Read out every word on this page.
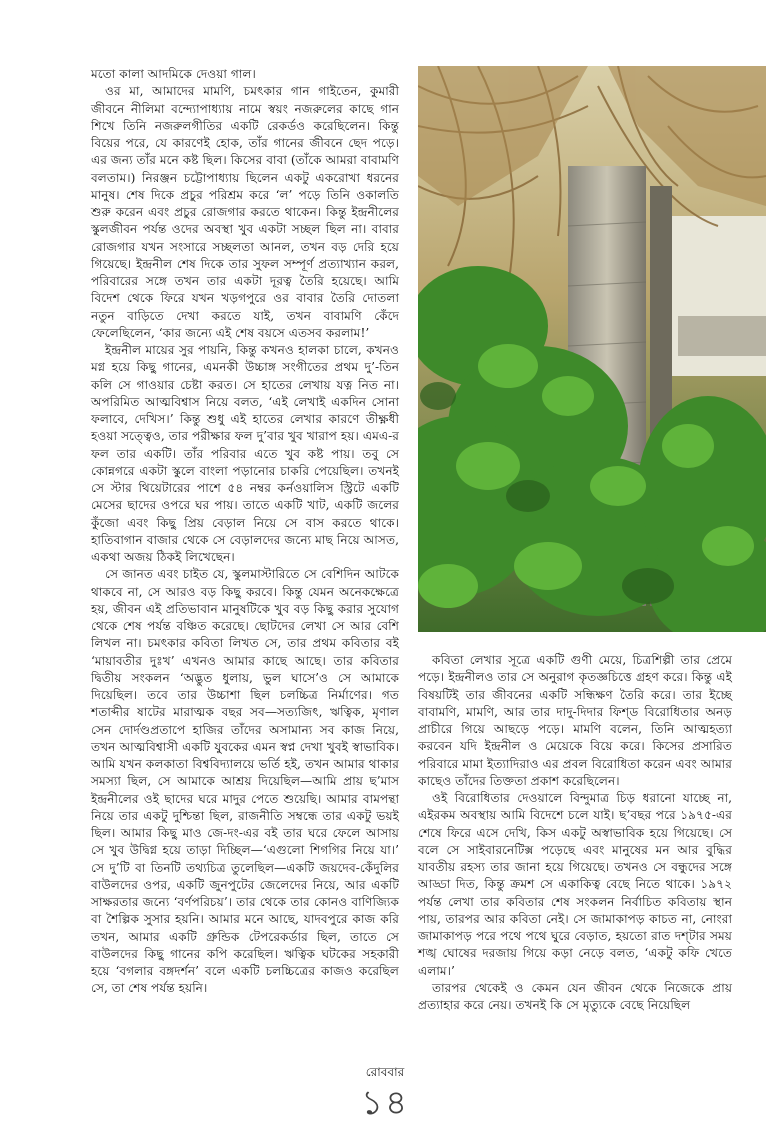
মতো কালা আদমিকে দেওয়া গাল।

ওর মা, আমাদের মামণি, চমৎকার গান গাইতেন, কুমারী জীবনে নীলিমা বন্দ্যোপাধ্যায় নামে স্বয়ং নজরুলের কাছে গান শিখে তিনি নজরুলগীতির একটি রেকর্ডও করেছিলেন। কিন্তু বিয়ের পরে, যে কারণেই হোক, তাঁর গানের জীবনে ছেদ পড়ে। এর জন্য তাঁর মনে কষ্ট ছিল। কিসের বাবা (তাঁকে আমরা বাবামণি বলতাম।) নিরঞ্জন চট্টোপাধ্যায় ছিলেন একটু একরোখা ধরনের মানুষ। শেষ দিকে প্রচুর পরিশ্রম করে ‘ল’ পড়ে তিনি ওকালতি শুরু করেন এবং প্রচুর রোজগার করতে থাকেন। কিন্তু ইন্দ্রনীলের স্কুলজীবন পর্যন্ত ওদের অবস্থা খুব একটা সচ্ছল ছিল না। বাবার রোজগার যখন সংসারে সচ্ছলতা আনল, তখন বড় দেরি হয়ে গিয়েছে। ইন্দ্রনীল শেষ দিকে তার সুফল সম্পূর্ণ প্রত্যাখ্যান করল, পরিবারের সঙ্গে তখন তার একটা দূরত্ব তৈরি হয়েছে। আমি বিদেশ থেকে ফিরে যখন খড়গপুরে ওর বাবার তৈরি দোতলা নতুন বাড়িতে দেখা করতে যাই, তখন বাবামণি কেঁদে ফেলেছিলেন, ‘কার জন্যে এই শেষ বয়সে এতসব করলাম!’

ইন্দ্রনীল মায়ের সুর পায়নি, কিন্তু কখনও হালকা চালে, কখনও মগ্ন হয়ে কিছু গানের, এমনকী উচ্চাঙ্গ সংগীতের প্রথম দু’-তিন কলি সে গাওয়ার চেষ্টা করত। সে হাতের লেখায় যত্ন নিত না। অপরিমিত আত্মবিশ্বাস নিয়ে বলত, ‘এই লেখাই একদিন সোনা ফলাবে, দেখিস।’ কিন্তু শুধু এই হাতের লেখার কারণে তীক্ষ্ণধী হওয়া সত্ত্বেও, তার পরীক্ষার ফল দু’বার খুব খারাপ হয়। এমএ-র ফল তার একটি। তাঁর পরিবার এতে খুব কষ্ট পায়। তবু সে কোন্নগরে একটা স্কুলে বাংলা পড়ানোর চাকরি পেয়েছিল। তখনই সে স্টার থিয়েটারের পাশে ৫৪ নম্বর কর্নওয়ালিস স্ট্রিটে একটি মেসের ছাদের ওপরে ঘর পায়। তাতে একটি খাট, একটি জলের কুঁজো এবং কিছু প্রিয় বেড়াল নিয়ে সে বাস করতে থাকে। হাতিবাগান বাজার থেকে সে বেড়ালদের জন্যে মাছ নিয়ে আসত, একথা অজয় ঠিকই লিখেছেন।

সে জানত এবং চাইত যে, স্কুলমাস্টারিতে সে বেশিদিন আটকে থাকবে না, সে আরও বড় কিছু করবে। কিন্তু যেমন অনেকক্ষেত্রে হয়, জীবন এই প্রতিভাবান মানুষটিকে খুব বড় কিছু করার সুযোগ থেকে শেষ পর্যন্ত বঞ্চিত করেছে। ছোটদের লেখা সে আর বেশি লিখল না। চমৎকার কবিতা লিখত সে, তার প্রথম কবিতার বই ‘মায়াবতীর দুঃখ’ এখনও আমার কাছে আছে। তার কবিতার দ্বিতীয় সংকলন ‘অদ্ভুত ধুলায়, ভুল ঘাসে’ও সে আমাকে দিয়েছিল। তবে তার উচ্চাশা ছিল চলচ্চিত্র নির্মাণের। গত শতাব্দীর ষাটের মারাত্মক বছর সব—সত্যজিৎ, ঋত্বিক, মৃণাল সেন দোর্দণ্ডপ্রতাপে হাজির তাঁদের অসামান্য সব কাজ নিয়ে, তখন আত্মবিশ্বাসী একটি যুবকের এমন স্বপ্ন দেখা খুবই স্বাভাবিক। আমি যখন কলকাতা বিশ্ববিদ্যালয়ে ভর্তি হই, তখন আমার থাকার সমস্যা ছিল, সে আমাকে আশ্রয় দিয়েছিল—আমি প্রায় ছ’মাস ইন্দ্রনীলের ওই ছাদের ঘরে মাদুর পেতে শুয়েছি। আমার বামপন্থা নিয়ে তার একটু দুশ্চিন্তা ছিল, রাজনীতি সম্বন্ধে তার একটু ভয়ই ছিল। আমার কিছু মাও জে-দং-এর বই তার ঘরে ফেলে আসায় সে খুব উদ্বিগ্ন হয়ে তাড়া দিচ্ছিল—‘এগুলো শিগগির নিয়ে যা।’ সে দু’টি বা তিনটি তথ্যচিত্র তুলেছিল—একটি জয়দেব-কেঁদুলির বাউলদের ওপর, একটি জুনপুটের জেলেদের নিয়ে, আর একটি সাক্ষরতার জন্যে ‘বর্ণপরিচয়’। তার থেকে তার কোনও বাণিজ্যিক বা শৈল্পিক সুসার হয়নি। আমার মনে আছে, যাদবপুরে কাজ করি তখন, আমার একটি গ্রুন্ডিক টেপরেকর্ডার ছিল, তাতে সে বাউলদের কিছু গানের কপি করেছিল। ঋত্বিক ঘটকের সহকারী হয়ে ‘বগলার বঙ্গদর্শন’ বলে একটি চলচ্চিত্রের কাজও করেছিল সে, তা শেষ পর্যন্ত হয়নি।

কবিতা লেখার সূত্রে একটি গুণী মেয়ে, চিত্রশিল্পী তার প্রেমে পড়ে। ইন্দ্রনীলও তার সে অনুরাগ কৃতজ্ঞচিত্তে গ্রহণ করে। কিন্তু এই বিষয়টিই তার জীবনের একটি সন্ধিক্ষণ তৈরি করে। তার ইচ্ছে বাবামণি, মামণি, আর তার দাদু-দিদার ফিশ্ড বিরোধিতার অনড় প্রাচীরে গিয়ে আছড়ে পড়ে। মামণি বলেন, তিনি আত্মহত্যা করবেন যদি ইন্দ্রনীল ও মেয়েকে বিয়ে করে। কিসের প্রসারিত পরিবারে মামা ইত্যাদিরাও এর প্রবল বিরোধিতা করেন এবং আমার কাছেও তাঁদের তিক্ততা প্রকাশ করেছিলেন।

ওই বিরোধিতার দেওয়ালে বিন্দুমাত্র চিড় ধরানো যাচ্ছে না, এইরকম অবস্থায় আমি বিদেশে চলে যাই। ছ’বছর পরে ১৯৭৫-এর শেষে ফিরে এসে দেখি, কিস একটু অস্বাভাবিক হয়ে গিয়েছে। সে বলে সে সাইবারনেটিক্স পড়েছে এবং মানুষের মন আর বুদ্ধির যাবতীয় রহস্য তার জানা হয়ে গিয়েছে। তখনও সে বন্ধুদের সঙ্গে আড্ডা দিত, কিন্তু ক্রমশ সে একাকিত্ব বেছে নিতে থাকে। ১৯৭২ পর্যন্ত লেখা তার কবিতার শেষ সংকলন নির্বাচিত কবিতায় স্থান পায়, তারপর আর কবিতা নেই। সে জামাকাপড় কাচত না, নোংরা জামাকাপড় পরে পথে পথে ঘুরে বেড়াত, হয়তো রাত দশ্টার সময় শঙ্খ ঘোষের দরজায় গিয়ে কড়া নেড়ে বলত, ‘একটু কফি খেতে এলাম।’

তারপর থেকেই ও কেমন যেন জীবন থেকে নিজেকে প্রায় প্রত্যাহার করে নেয়। তখনই কি সে মৃত্যুকে বেছে নিয়েছিল

রোববার
১৪
